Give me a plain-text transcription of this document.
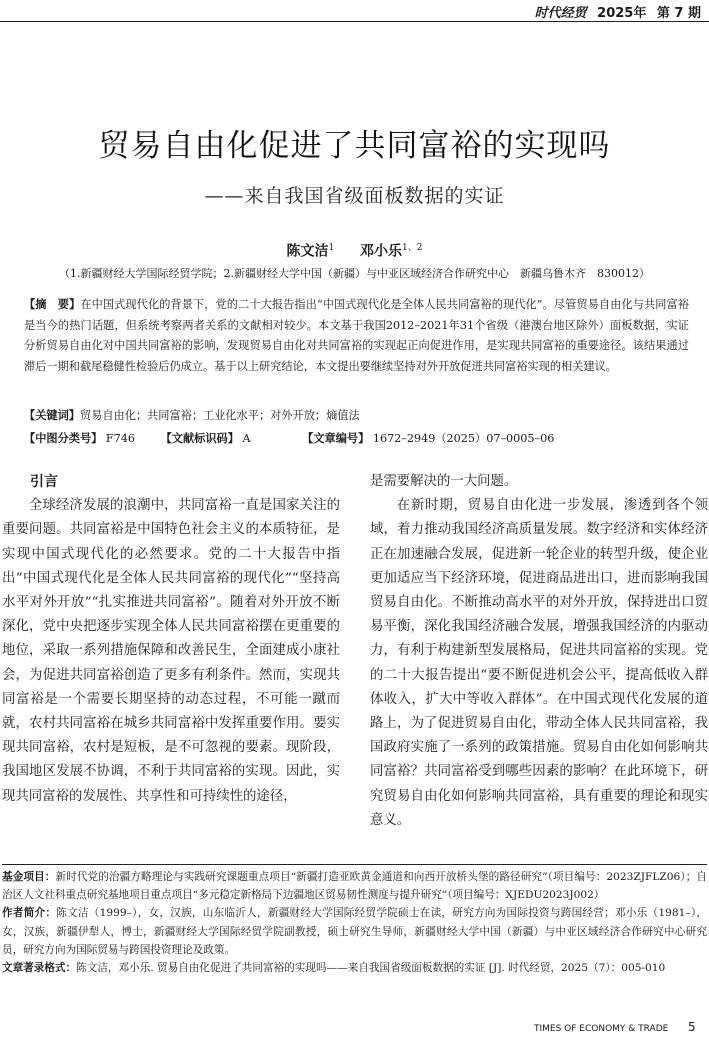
时代经贸 2025年 第 7 期
贸易自由化促进了共同富裕的实现吗
——来自我国省级面板数据的实证
陈文洁$^1$ 邓小乐$^{1、2}$
（1.新疆财经大学国际经贸学院；2.新疆财经大学中国（新疆）与中亚区域经济合作研究中心　新疆乌鲁木齐　830012）
【摘　要】在中国式现代化的背景下，党的二十大报告指出“中国式现代化是全体人民共同富裕的现代化”。尽管贸易自由化与共同富裕是当今的热门话题，但系统考察两者关系的文献相对较少。本文基于我国2012–2021年31个省级（港澳台地区除外）面板数据，实证分析贸易自由化对中国共同富裕的影响，发现贸易自由化对共同富裕的实现起正向促进作用，是实现共同富裕的重要途径。该结果通过滞后一期和截尾稳健性检验后仍成立。基于以上研究结论，本文提出要继续坚持对外开放促进共同富裕实现的相关建议。
【关键词】贸易自由化；共同富裕；工业化水平；对外开放；熵值法
【中图分类号】 F746 【文献标识码】 A	【文章编号】 1672–2949（2025）07–0005–06
引言

全球经济发展的浪潮中，共同富裕一直是国家关注的重要问题。共同富裕是中国特色社会主义的本质特征，是实现中国式现代化的必然要求。党的二十大报告中指出“中国式现代化是全体人民共同富裕的现代化”“坚持高水平对外开放”“扎实推进共同富裕”。随着对外开放不断深化，党中央把逐步实现全体人民共同富裕摆在更重要的地位，采取一系列措施保障和改善民生，全面建成小康社会，为促进共同富裕创造了更多有利条件。然而，实现共同富裕是一个需要长期坚持的动态过程，不可能一蹴而就，农村共同富裕在城乡共同富裕中发挥重要作用。要实现共同富裕，农村是短板，是不可忽视的要素。现阶段，我国地区发展不协调，不利于共同富裕的实现。因此，实现共同富裕的发展性、共享性和可持续性的途径，

是需要解决的一大问题。

在新时期，贸易自由化进一步发展，渗透到各个领域，着力推动我国经济高质量发展。数字经济和实体经济正在加速融合发展，促进新一轮企业的转型升级，使企业更加适应当下经济环境，促进商品进出口，进而影响我国贸易自由化。不断推动高水平的对外开放，保持进出口贸易平衡，深化我国经济融合发展，增强我国经济的内驱动力，有利于构建新型发展格局，促进共同富裕的实现。党的二十大报告提出“要不断促进机会公平，提高低收入群体收入，扩大中等收入群体”。在中国式现代化发展的道路上，为了促进贸易自由化，带动全体人民共同富裕，我国政府实施了一系列的政策措施。贸易自由化如何影响共同富裕？共同富裕受到哪些因素的影响？在此环境下，研究贸易自由化如何影响共同富裕，具有重要的理论和现实意义。

基金项目：新时代党的治疆方略理论与实践研究课题重点项目“新疆打造亚欧黄金通道和向西开放桥头堡的路径研究”（项目编号：2023ZJFLZ06）；自治区人文社科重点研究基地项目重点项目“多元稳定新格局下边疆地区贸易韧性测度与提升研究”（项目编号：XJEDU2023J002）

作者简介：陈文洁（1999–），女，汉族，山东临沂人，新疆财经大学国际经贸学院硕士在读，研究方向为国际投资与跨国经营；邓小乐（1981–），女，汉族，新疆伊犁人，博士，新疆财经大学国际经贸学院副教授，硕士研究生导师，新疆财经大学中国（新疆）与中亚区域经济合作研究中心研究员，研究方向为国际贸易与跨国投资理论及政策。

文章著录格式：陈文洁，邓小乐. 贸易自由化促进了共同富裕的实现吗——来自我国省级面板数据的实证 [J]. 时代经贸，2025（7）：005-010

TIMES OF ECONOMY & TRADE 5
